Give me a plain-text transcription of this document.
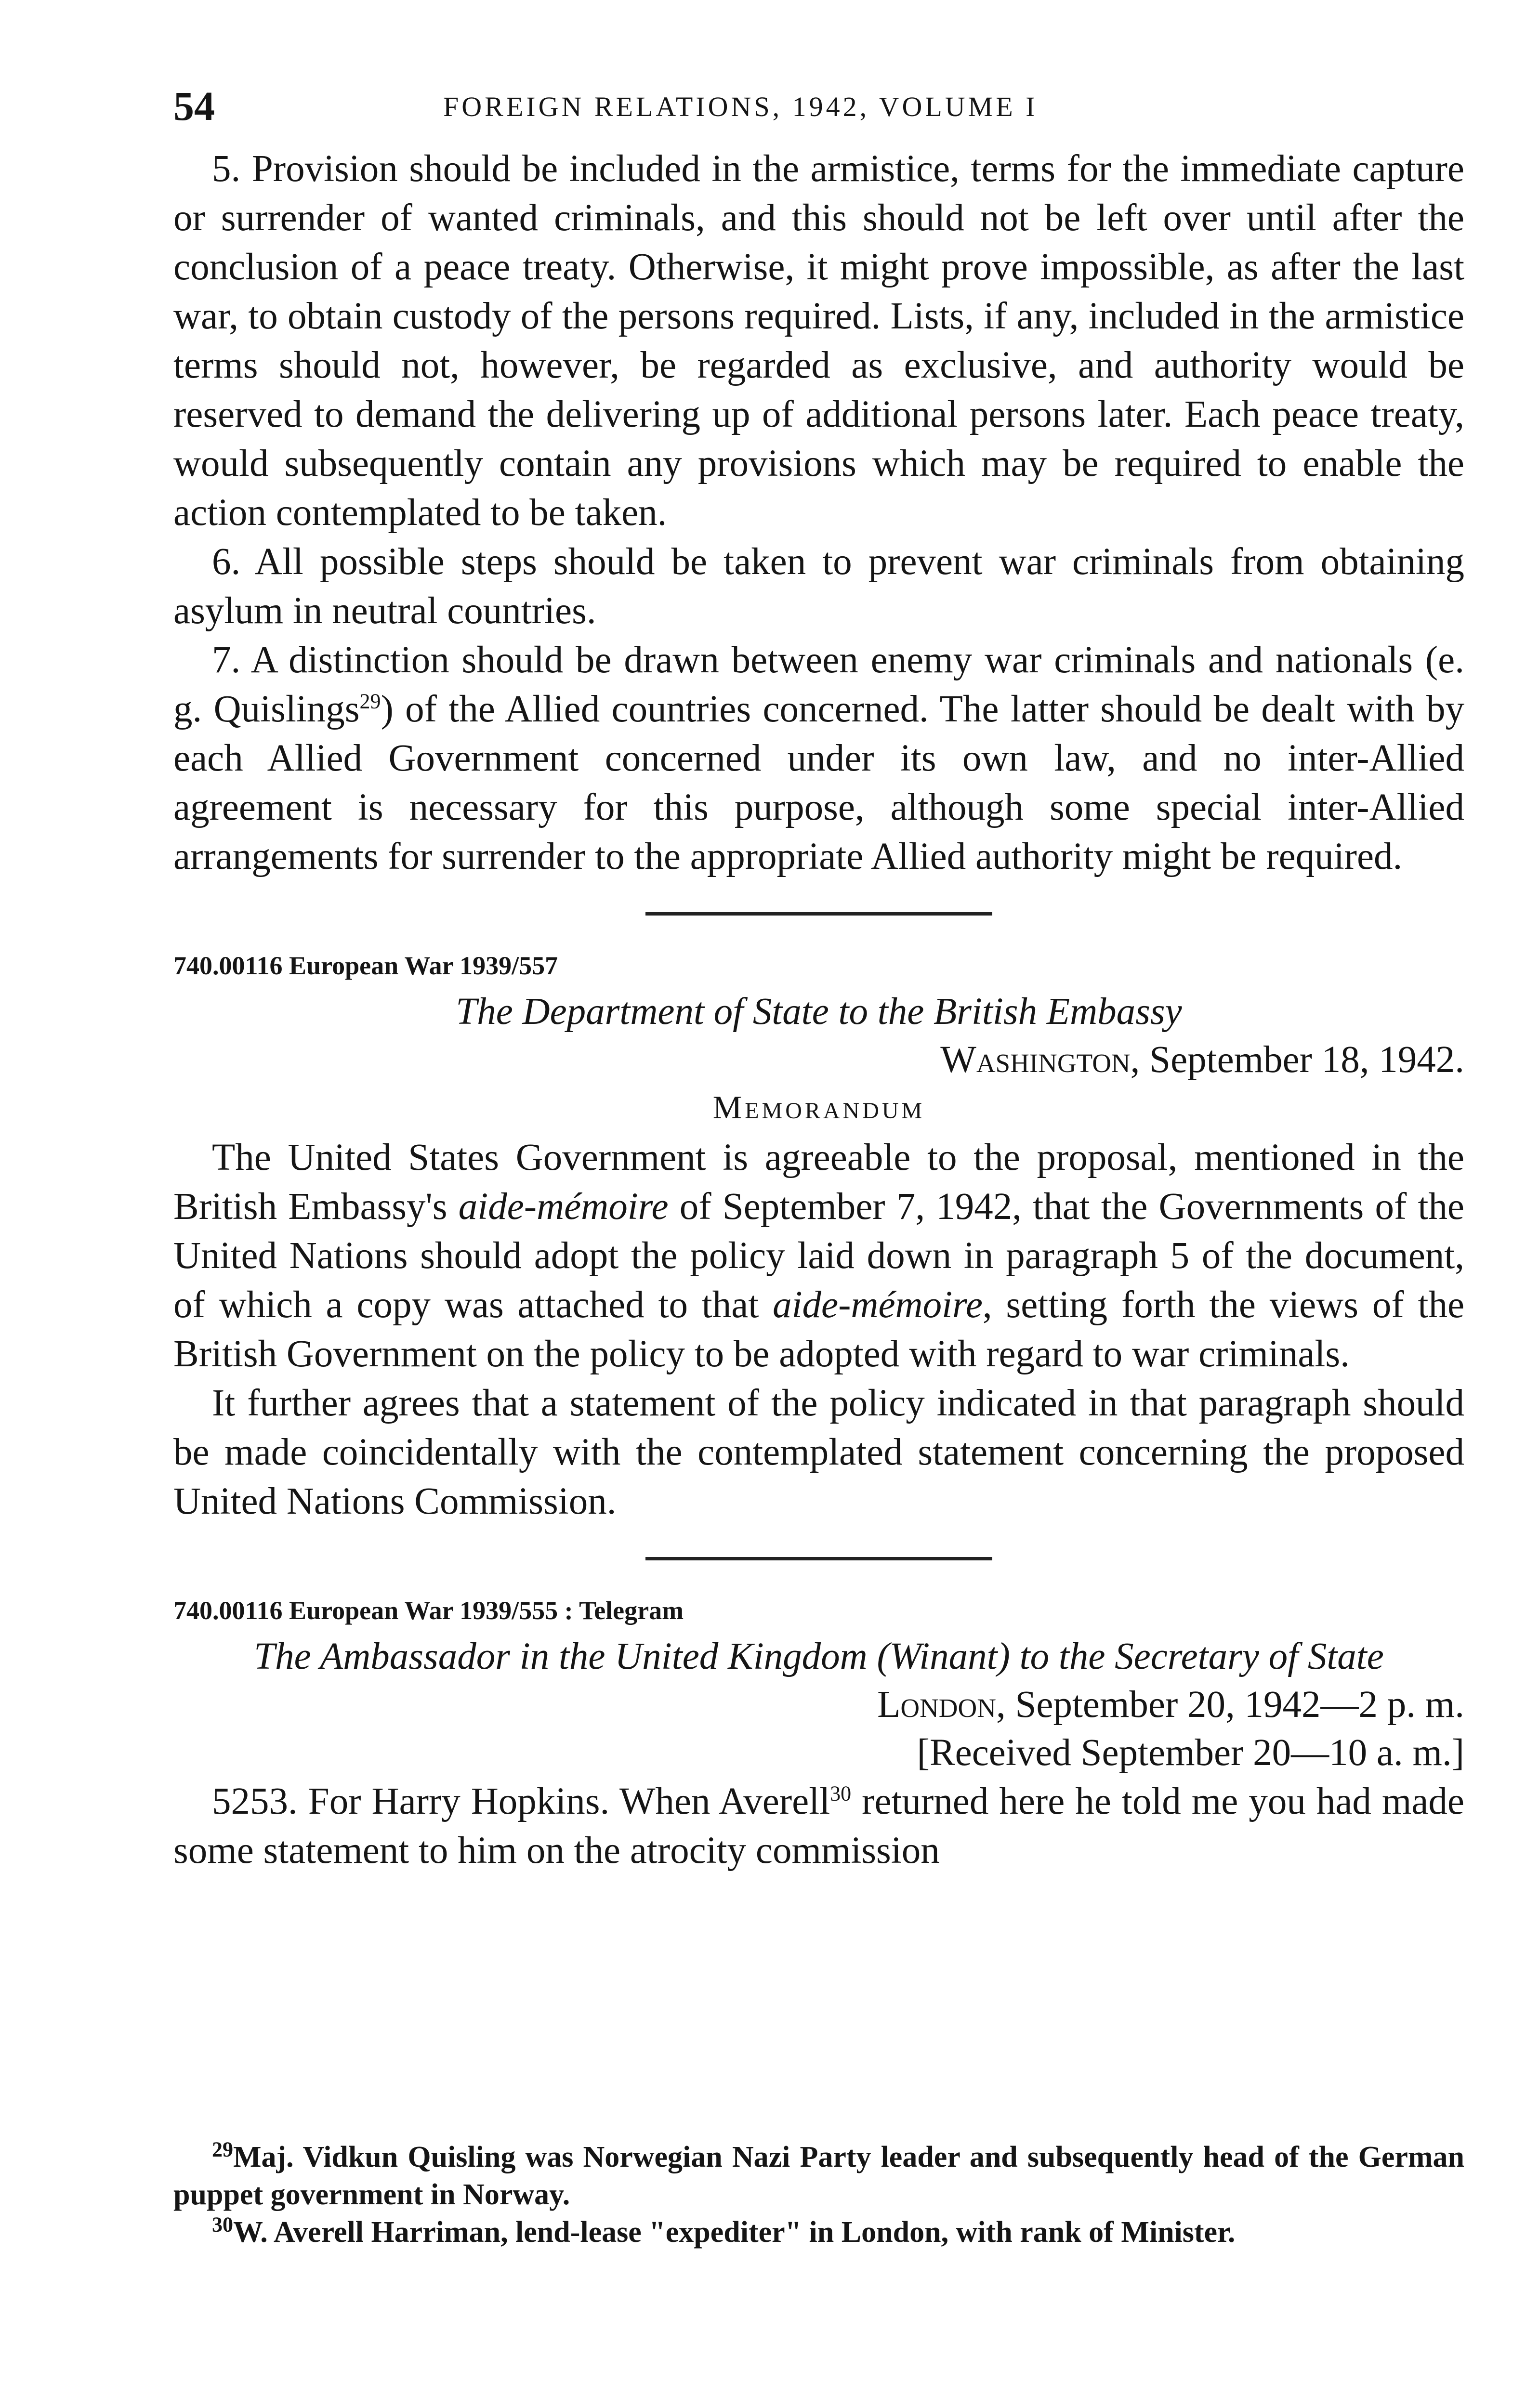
54	FOREIGN RELATIONS, 1942, VOLUME I

5. Provision should be included in the armistice, terms for the immediate capture or surrender of wanted criminals, and this should not be left over until after the conclusion of a peace treaty. Otherwise, it might prove impossible, as after the last war, to obtain custody of the persons required. Lists, if any, included in the armistice terms should not, however, be regarded as exclusive, and authority would be reserved to demand the delivering up of additional persons later. Each peace treaty, would subsequently contain any provisions which may be required to enable the action contemplated to be taken.

6. All possible steps should be taken to prevent war criminals from obtaining asylum in neutral countries.

7. A distinction should be drawn between enemy war criminals and nationals (e. g. Quislings$^{29}$) of the Allied countries concerned. The latter should be dealt with by each Allied Government concerned under its own law, and no inter-Allied agreement is necessary for this purpose, although some special inter-Allied arrangements for surrender to the appropriate Allied authority might be required.

740.00116 European War 1939/557

The Department of State to the British Embassy

Washington, September 18, 1942.

Memorandum

The United States Government is agreeable to the proposal, mentioned in the British Embassy's aide-mémoire of September 7, 1942, that the Governments of the United Nations should adopt the policy laid down in paragraph 5 of the document, of which a copy was attached to that aide-mémoire, setting forth the views of the British Government on the policy to be adopted with regard to war criminals.

It further agrees that a statement of the policy indicated in that paragraph should be made coincidentally with the contemplated statement concerning the proposed United Nations Commission.

740.00116 European War 1939/555 : Telegram

The Ambassador in the United Kingdom (Winant) to the Secretary of State

London, September 20, 1942—2 p. m.

[Received September 20—10 a. m.]

5253. For Harry Hopkins. When Averell$^{30}$ returned here he told me you had made some statement to him on the atrocity commission

$^{29}$Maj. Vidkun Quisling was Norwegian Nazi Party leader and subsequently head of the German puppet government in Norway.

$^{30}$W. Averell Harriman, lend-lease "expediter" in London, with rank of Minister.
